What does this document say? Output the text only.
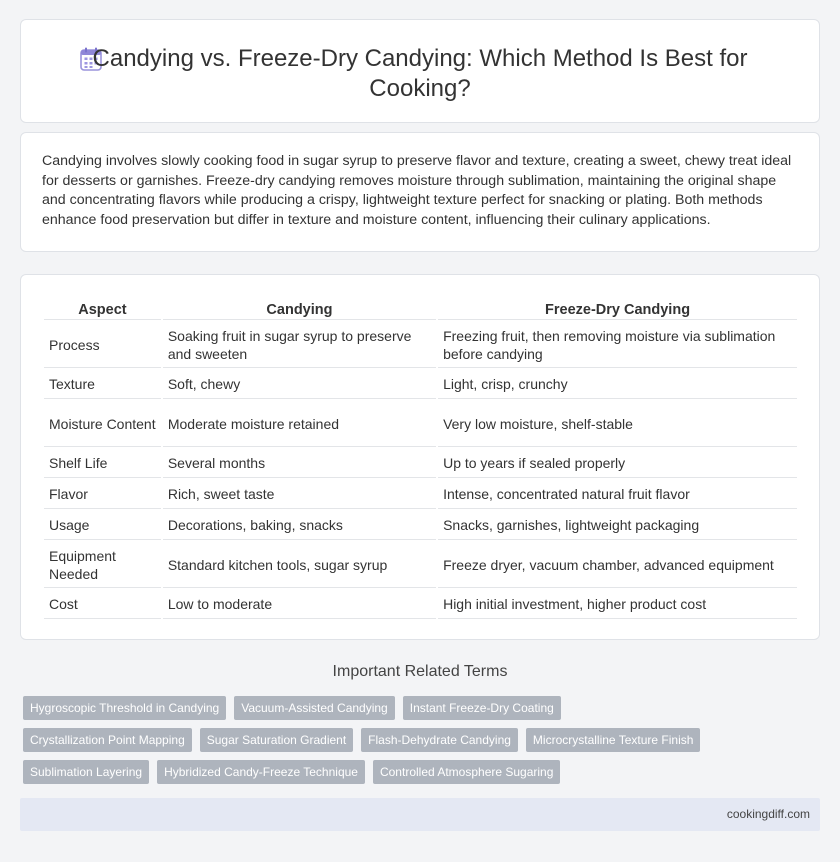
Candying vs. Freeze-Dry Candying: Which Method Is Best for Cooking?

Candying involves slowly cooking food in sugar syrup to preserve flavor and texture, creating a sweet, chewy treat ideal for desserts or garnishes. Freeze-dry candying removes moisture through sublimation, maintaining the original shape and concentrating flavors while producing a crispy, lightweight texture perfect for snacking or plating. Both methods enhance food preservation but differ in texture and moisture content, influencing their culinary applications.

Aspect	Candying	Freeze-Dry Candying
Process	Soaking fruit in sugar syrup to preserve and sweeten	Freezing fruit, then removing moisture via sublimation before candying
Texture	Soft, chewy	Light, crisp, crunchy
Moisture Content	Moderate moisture retained	Very low moisture, shelf-stable
Shelf Life	Several months	Up to years if sealed properly
Flavor	Rich, sweet taste	Intense, concentrated natural fruit flavor
Usage	Decorations, baking, snacks	Snacks, garnishes, lightweight packaging
Equipment Needed	Standard kitchen tools, sugar syrup	Freeze dryer, vacuum chamber, advanced equipment
Cost	Low to moderate	High initial investment, higher product cost
Important Related Terms
Hygroscopic Threshold in Candying	Vacuum-Assisted Candying	Instant Freeze-Dry Coating
Crystallization Point Mapping	Sugar Saturation Gradient	Flash-Dehydrate Candying	Microcrystalline Texture Finish
Sublimation Layering	Hybridized Candy-Freeze Technique	Controlled Atmosphere Sugaring
cookingdiff.com
